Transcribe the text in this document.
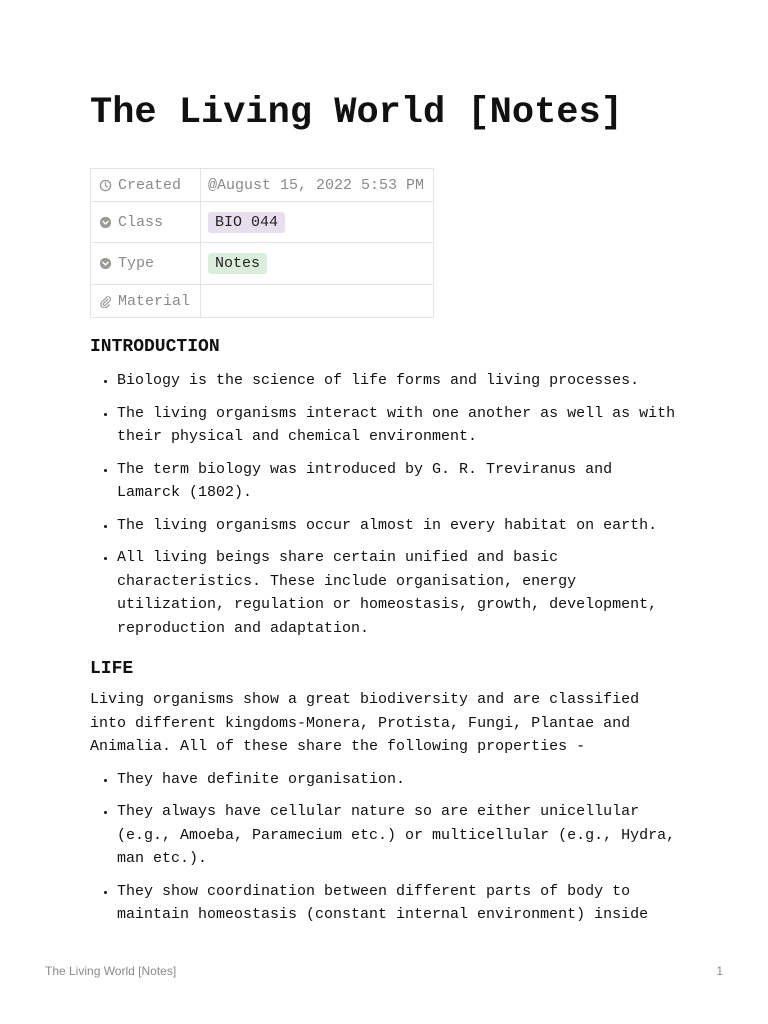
The Living World [Notes]
Created	@August 15, 2022 5:53 PM

Class	BIO 044

Type	Notes

Material	

INTRODUCTION
• Biology is the science of life forms and living processes.
• The living organisms interact with one another as well as with their physical and chemical environment.
• The term biology was introduced by G. R. Treviranus and Lamarck (1802).
• The living organisms occur almost in every habitat on earth.
• All living beings share certain unified and basic characteristics. These include organisation, energy utilization, regulation or homeostasis, growth, development, reproduction and adaptation.
LIFE

Living organisms show a great biodiversity and are classified into different kingdoms-Monera, Protista, Fungi, Plantae and Animalia. All of these share the following properties -

• They have definite organisation.
• They always have cellular nature so are either unicellular (e.g., Amoeba, Paramecium etc.) or multicellular (e.g., Hydra, man etc.).
• They show coordination between different parts of body to maintain homeostasis (constant internal environment) inside
The Living World [Notes]	1
